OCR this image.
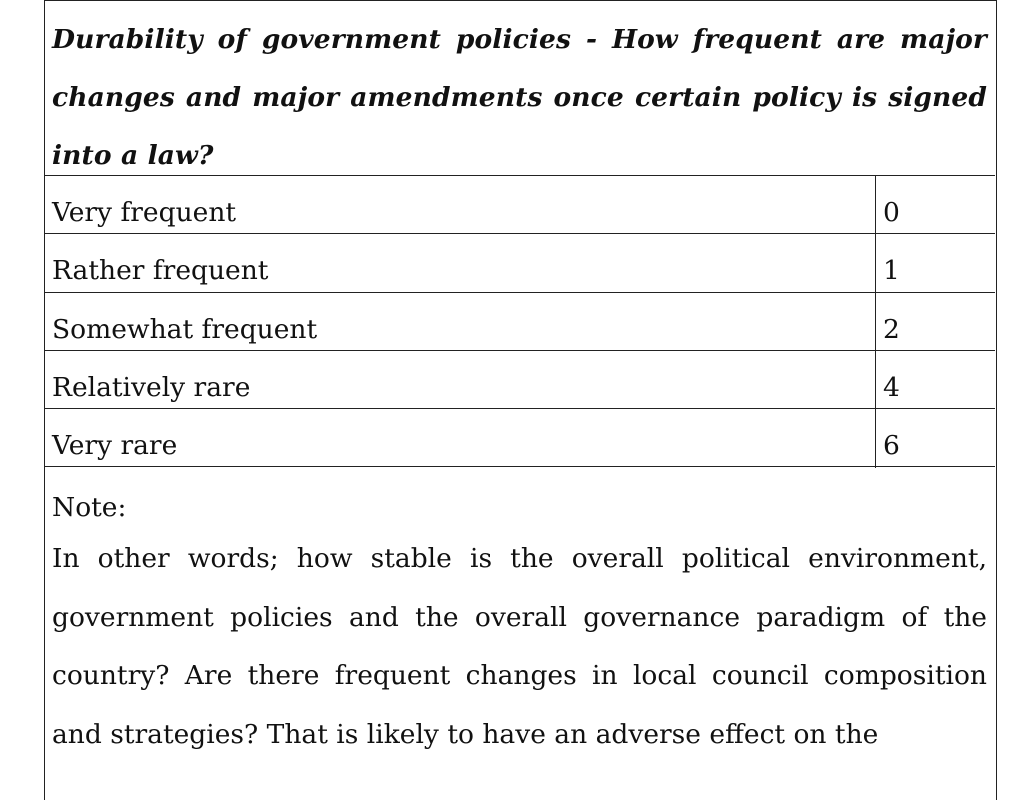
Durability of government policies - How frequent are major changes and major amendments once certain policy is signed into a law?

Very frequent	0
Rather frequent	1
Somewhat frequent	2
Relatively rare	4
Very rare	6

Note:

In other words; how stable is the overall political environment, government policies and the overall governance paradigm of the country? Are there frequent changes in local council composition and strategies? That is likely to have an adverse effect on the
